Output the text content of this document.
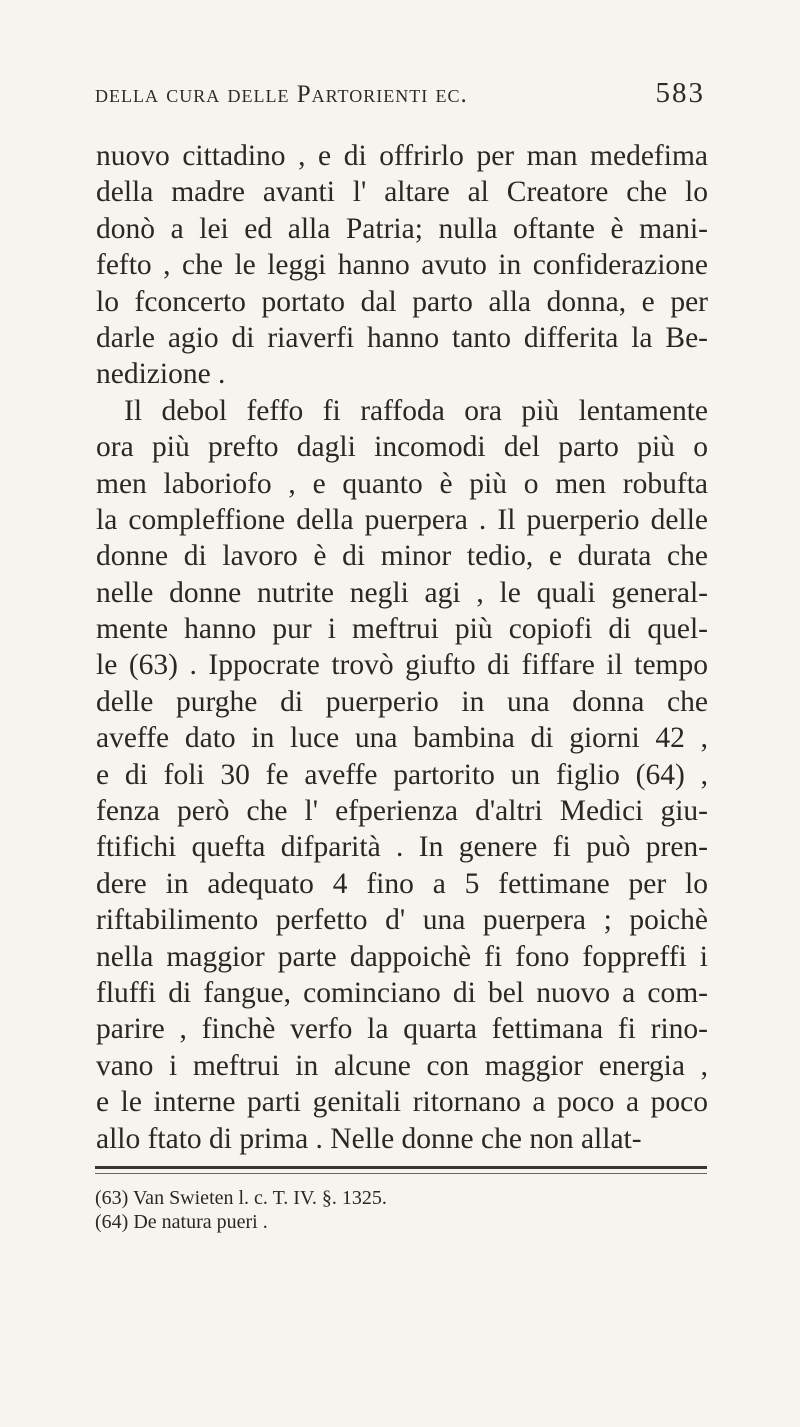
della cura delle Partorienti ec.	583
nuovo cittadino , e di offrirlo per man medefima
della madre avanti l' altare al Creatore che lo
donò a lei ed alla Patria; nulla oftante è mani-
fefto , che le leggi hanno avuto in confiderazione
lo fconcerto portato dal parto alla donna, e per
darle agio di riaverfi hanno tanto differita la Be-
nedizione .
Il debol feffo fi raffoda ora più lentamente
ora più prefto dagli incomodi del parto più o
men laboriofo , e quanto è più o men robufta
la compleffione della puerpera . Il puerperio delle
donne di lavoro è di minor tedio, e durata che
nelle donne nutrite negli agi , le quali general-
mente hanno pur i meftrui più copiofi di quel-
le (63) . Ippocrate trovò giufto di fiffare il tempo
delle purghe di puerperio in una donna che
aveffe dato in luce una bambina di giorni 42 ,
e di foli 30 fe aveffe partorito un figlio (64) ,
fenza però che l' efperienza d'altri Medici giu-
ftifichi quefta difparità . In genere fi può pren-
dere in adequato 4 fino a 5 fettimane per lo
riftabilimento perfetto d' una puerpera ; poichè
nella maggior parte dappoichè fi fono foppreffi i
fluffi di fangue, cominciano di bel nuovo a com-
parire , finchè verfo la quarta fettimana fi rino-
vano i meftrui in alcune con maggior energia ,
e le interne parti genitali ritornano a poco a poco
allo ftato di prima . Nelle donne che non allat-
(63) Van Swieten l. c. T. IV. §. 1325.
(64) De natura pueri .
